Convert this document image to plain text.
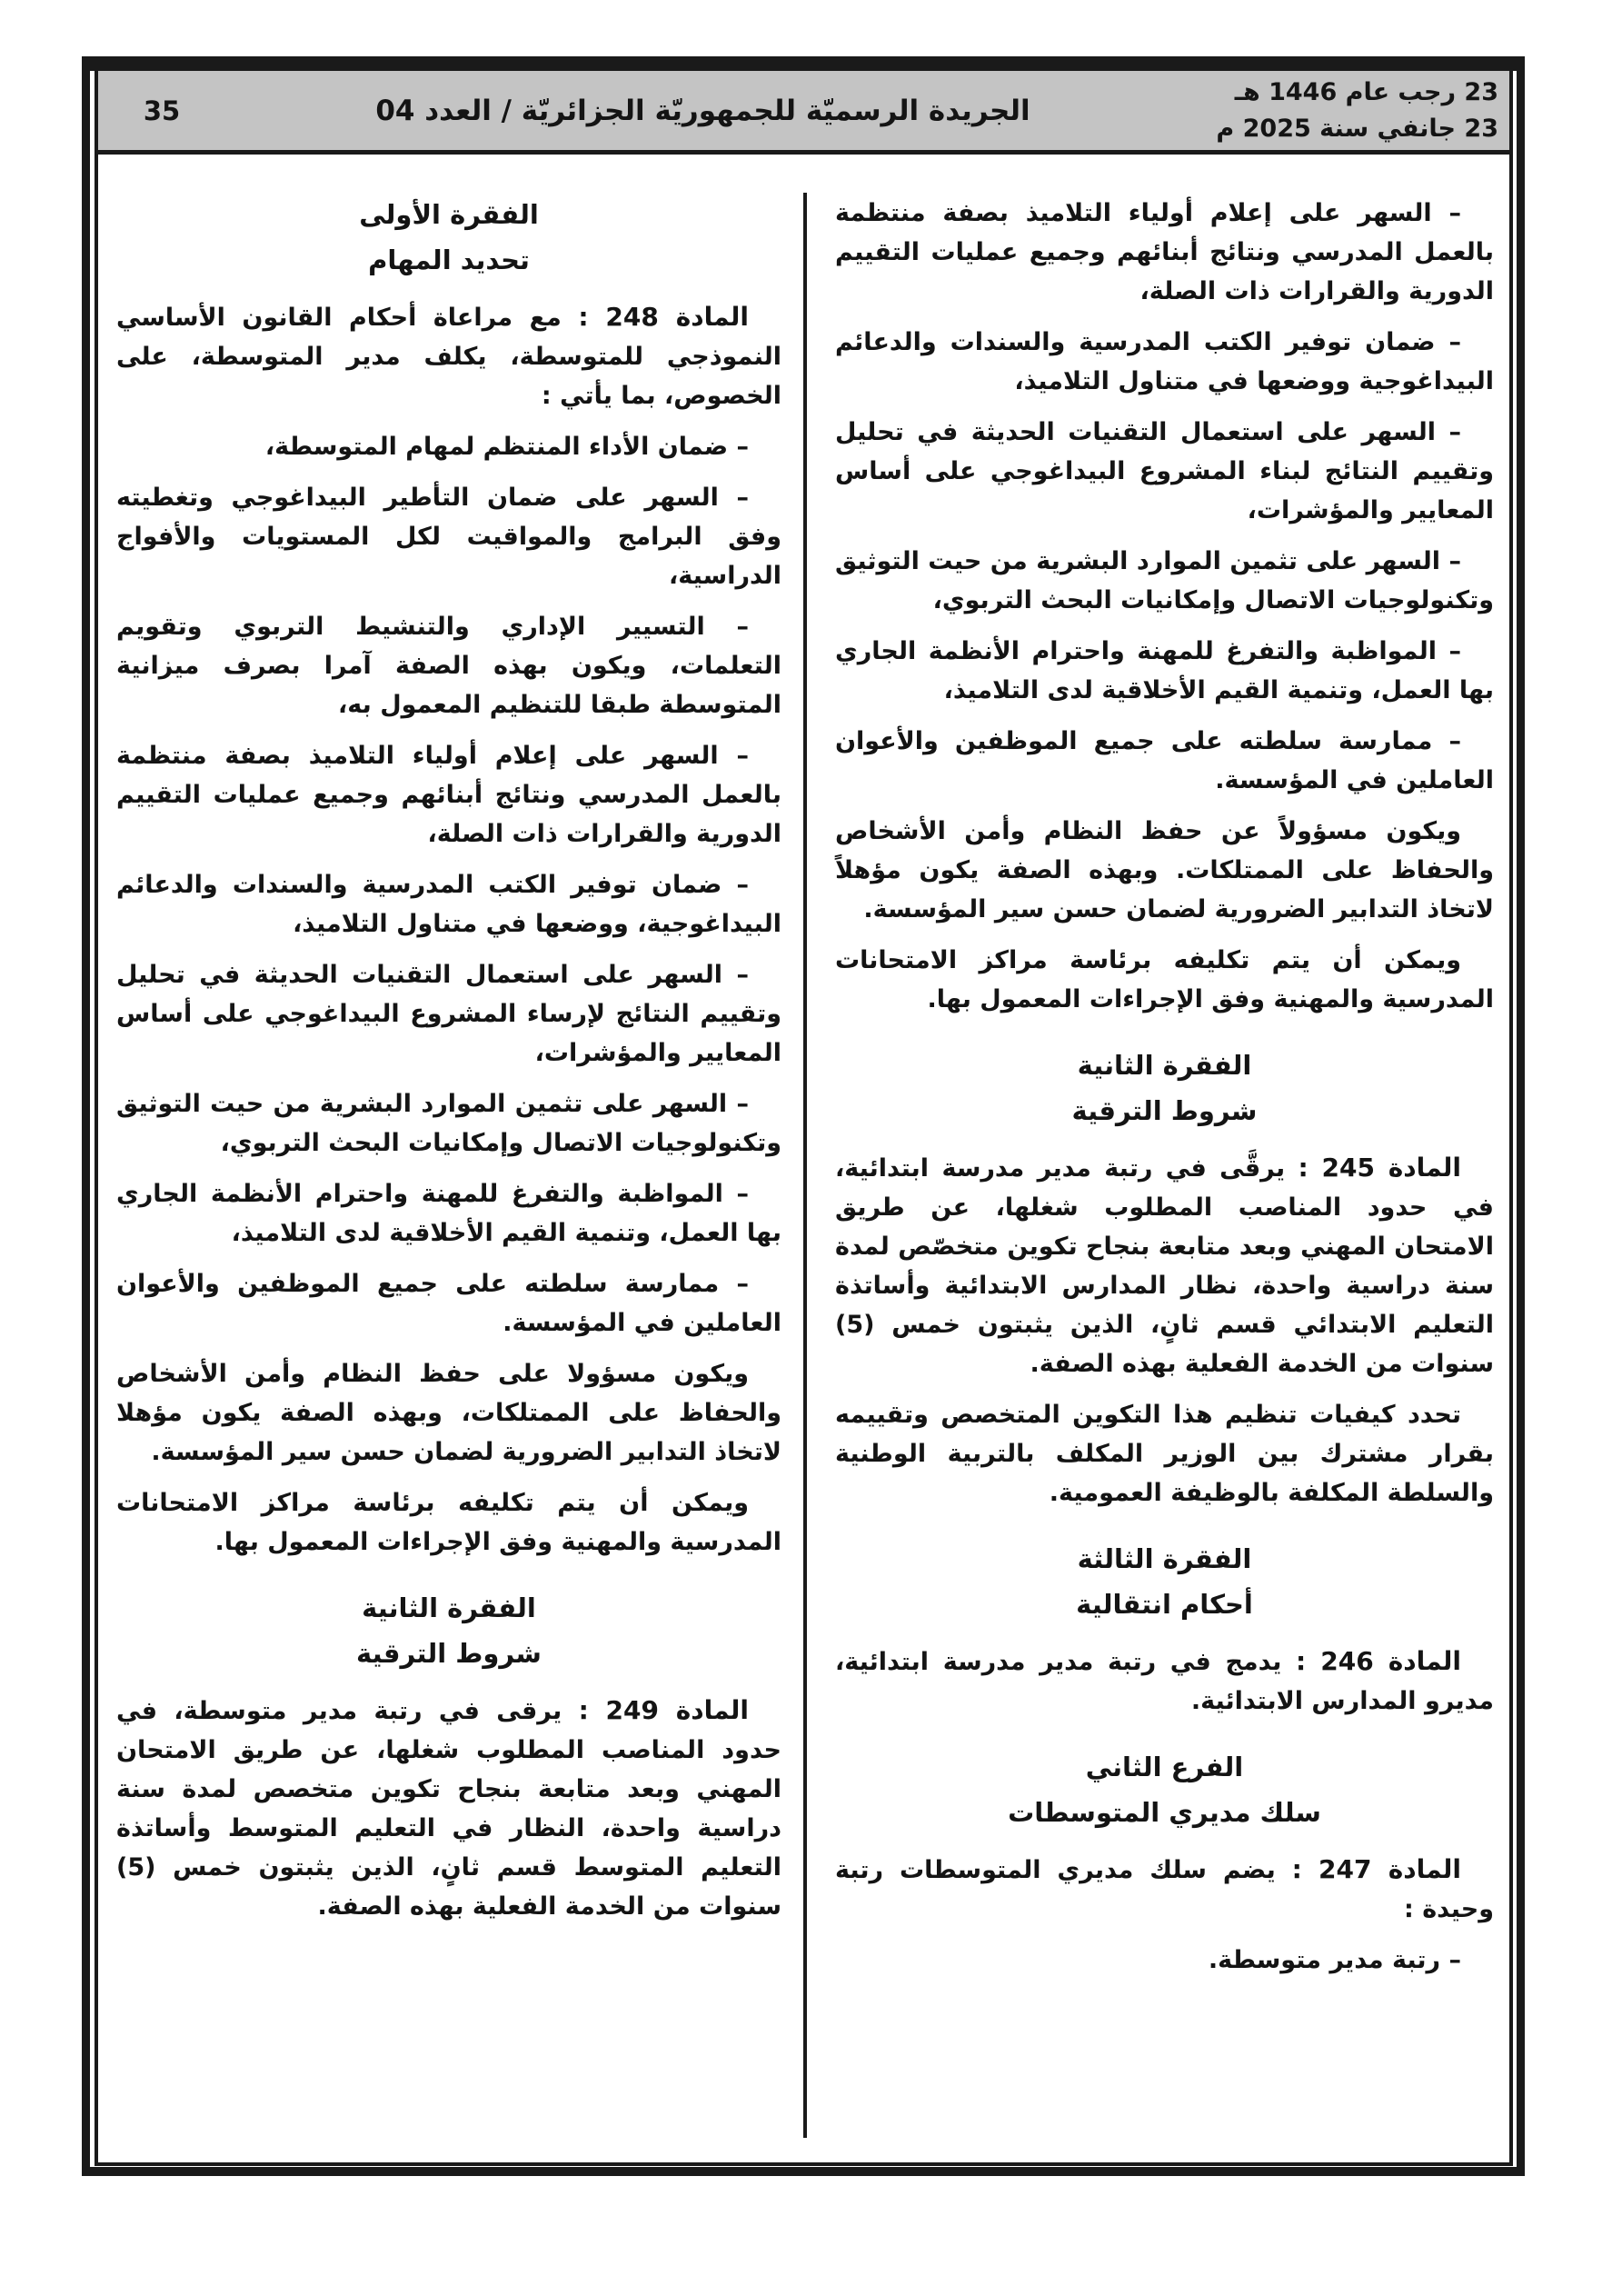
23 رجب عام 1446 هـ
23 جانفي سنة 2025 م
الجريدة الرسميّة للجمهوريّة الجزائريّة / العدد 04
35

– السهر على إعلام أولياء التلاميذ بصفة منتظمة بالعمل المدرسي ونتائج أبنائهم وجميع عمليات التقييم الدورية والقرارات ذات الصلة،

– ضمان توفير الكتب المدرسية والسندات والدعائم البيداغوجية ووضعها في متناول التلاميذ،

– السهر على استعمال التقنيات الحديثة في تحليل وتقييم النتائج لبناء المشروع البيداغوجي على أساس المعايير والمؤشرات،

– السهر على تثمين الموارد البشرية من حيت التوثيق وتكنولوجيات الاتصال وإمكانيات البحث التربوي،

– المواظبة والتفرغ للمهنة واحترام الأنظمة الجاري بها العمل، وتنمية القيم الأخلاقية لدى التلاميذ،

– ممارسة سلطته على جميع الموظفين والأعوان العاملين في المؤسسة.

ويكون مسؤولاً عن حفظ النظام وأمن الأشخاص والحفاظ على الممتلكات. وبهذه الصفة يكون مؤهلاً لاتخاذ التدابير الضرورية لضمان حسن سير المؤسسة.

ويمكن أن يتم تكليفه برئاسة مراكز الامتحانات المدرسية والمهنية وفق الإجراءات المعمول بها.

الفقرة الثانية
شروط الترقية

المادة 245 : يرقَّى في رتبة مدير مدرسة ابتدائية، في حدود المناصب المطلوب شغلها، عن طريق الامتحان المهني وبعد متابعة بنجاح تكوين متخصّص لمدة سنة دراسية واحدة، نظار المدارس الابتدائية وأساتذة التعليم الابتدائي قسم ثانٍ، الذين يثبتون خمس (5) سنوات من الخدمة الفعلية بهذه الصفة.

تحدد كيفيات تنظيم هذا التكوين المتخصص وتقييمه بقرار مشترك بين الوزير المكلف بالتربية الوطنية والسلطة المكلفة بالوظيفة العمومية.

الفقرة الثالثة
أحكام انتقالية

المادة 246 : يدمج في رتبة مدير مدرسة ابتدائية، مديرو المدارس الابتدائية.

الفرع الثاني
سلك مديري المتوسطات

المادة 247 : يضم سلك مديري المتوسطات رتبة وحيدة :

– رتبة مدير متوسطة.

الفقرة الأولى
تحديد المهام

المادة 248 : مع مراعاة أحكام القانون الأساسي النموذجي للمتوسطة، يكلف مدير المتوسطة، على الخصوص، بما يأتي :

– ضمان الأداء المنتظم لمهام المتوسطة،

– السهر على ضمان التأطير البيداغوجي وتغطيته وفق البرامج والمواقيت لكل المستويات والأفواج الدراسية،

– التسيير الإداري والتنشيط التربوي وتقويم التعلمات، ويكون بهذه الصفة آمرا بصرف ميزانية المتوسطة طبقا للتنظيم المعمول به،

– السهر على إعلام أولياء التلاميذ بصفة منتظمة بالعمل المدرسي ونتائج أبنائهم وجميع عمليات التقييم الدورية والقرارات ذات الصلة،

– ضمان توفير الكتب المدرسية والسندات والدعائم البيداغوجية، ووضعها في متناول التلاميذ،

– السهر على استعمال التقنيات الحديثة في تحليل وتقييم النتائج لإرساء المشروع البيداغوجي على أساس المعايير والمؤشرات،

– السهر على تثمين الموارد البشرية من حيت التوثيق وتكنولوجيات الاتصال وإمكانيات البحث التربوي،

– المواظبة والتفرغ للمهنة واحترام الأنظمة الجاري بها العمل، وتنمية القيم الأخلاقية لدى التلاميذ،

– ممارسة سلطته على جميع الموظفين والأعوان العاملين في المؤسسة.

ويكون مسؤولا على حفظ النظام وأمن الأشخاص والحفاظ على الممتلكات، وبهذه الصفة يكون مؤهلا لاتخاذ التدابير الضرورية لضمان حسن سير المؤسسة.

ويمكن أن يتم تكليفه برئاسة مراكز الامتحانات المدرسية والمهنية وفق الإجراءات المعمول بها.

الفقرة الثانية
شروط الترقية

المادة 249 : يرقى في رتبة مدير متوسطة، في حدود المناصب المطلوب شغلها، عن طريق الامتحان المهني وبعد متابعة بنجاح تكوين متخصص لمدة سنة دراسية واحدة، النظار في التعليم المتوسط وأساتذة التعليم المتوسط قسم ثانٍ، الذين يثبتون خمس (5) سنوات من الخدمة الفعلية بهذه الصفة.
